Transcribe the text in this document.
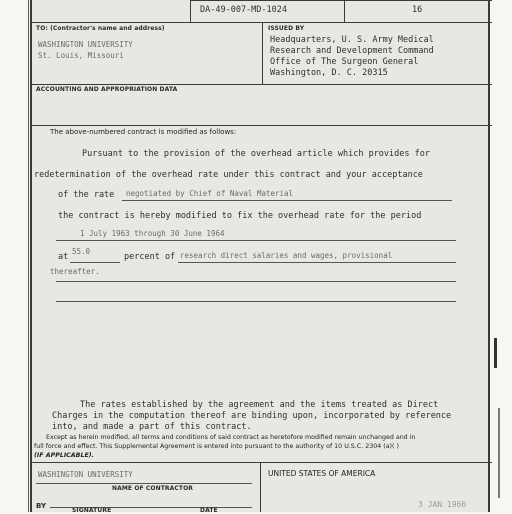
DA-49-007-MD-1024	16
TO: (Contractor's name and address)
WASHINGTON UNIVERSITY
St. Louis, Missouri
ISSUED BY
Headquarters, U. S. Army Medical
Research and Development Command
Office of The Surgeon General
Washington, D. C. 20315
ACCOUNTING AND APPROPRIATION DATA
The above-numbered contract is modified as follows:
Pursuant to the provision of the overhead article which provides for
redetermination of the overhead rate under this contract and your acceptance
of the rate negotiated by Chief of Naval Material
the contract is hereby modified to fix the overhead rate for the period
1 July 1963 through 30 June 1964
at
55.0
percent of research direct salaries and wages, provisional
thereafter.
The rates established by the agreement and the items treated as Direct
Charges in the computation thereof are binding upon, incorporated by reference
into, and made a part of this contract.
Except as herein modified, all terms and conditions of said contract as heretofore modified remain unchanged and in
full force and effect. This Supplemental Agreement is entered into pursuant to the authority of 10 U.S.C. 2304 (a)( )
(IF APPLICABLE).
WASHINGTON UNIVERSITY
NAME OF CONTRACTOR
BY
SIGNATURE	DATE
UNITED STATES OF AMERICA
3 JAN 1966
